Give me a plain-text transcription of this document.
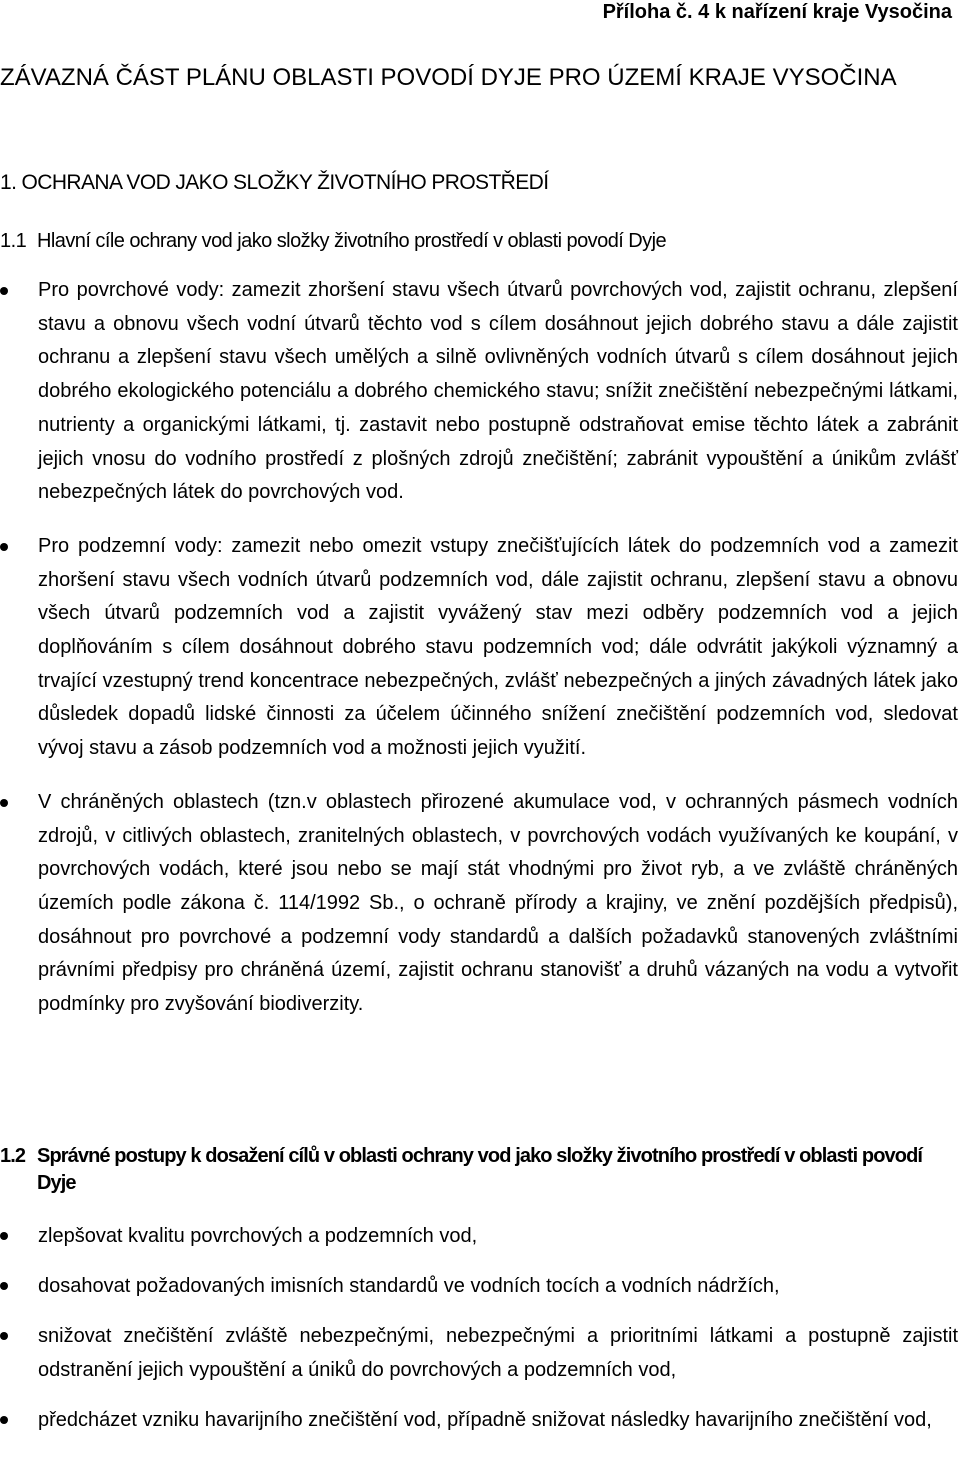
Příloha č. 4 k nařízení kraje Vysočina
ZÁVAZNÁ ČÁST PLÁNU OBLASTI POVODÍ DYJE PRO ÚZEMÍ KRAJE VYSOČINA
1. OCHRANA VOD JAKO SLOŽKY ŽIVOTNÍHO PROSTŘEDÍ
1.1 Hlavní cíle ochrany vod jako složky životního prostředí v oblasti povodí Dyje
Pro povrchové vody: zamezit zhoršení stavu všech útvarů povrchových vod, zajistit ochranu, zlepšení stavu a obnovu všech vodní útvarů těchto vod s cílem dosáhnout jejich dobrého stavu a dále zajistit ochranu a zlepšení stavu všech umělých a silně ovlivněných vodních útvarů s cílem dosáhnout jejich dobrého ekologického potenciálu a dobrého chemického stavu; snížit znečištění nebezpečnými látkami, nutrienty a organickými látkami, tj. zastavit nebo postupně odstraňovat emise těchto látek a zabránit jejich vnosu do vodního prostředí z plošných zdrojů znečištění; zabránit vypouštění a únikům zvlášť nebezpečných látek do povrchových vod.
Pro podzemní vody: zamezit nebo omezit vstupy znečišťujících látek do podzemních vod a zamezit zhoršení stavu všech vodních útvarů podzemních vod, dále zajistit ochranu, zlepšení stavu a obnovu všech útvarů podzemních vod a zajistit vyvážený stav mezi odběry podzemních vod a jejich doplňováním s cílem dosáhnout dobrého stavu podzemních vod; dále odvrátit jakýkoli významný a trvající vzestupný trend koncentrace nebezpečných, zvlášť nebezpečných a jiných závadných látek jako důsledek dopadů lidské činnosti za účelem účinného snížení znečištění podzemních vod, sledovat vývoj stavu a zásob podzemních vod a možnosti jejich využití.
V chráněných oblastech (tzn.v oblastech přirozené akumulace vod, v ochranných pásmech vodních zdrojů, v citlivých oblastech, zranitelných oblastech, v povrchových vodách využívaných ke koupání, v povrchových vodách, které jsou nebo se mají stát vhodnými pro život ryb, a ve zvláště chráněných územích podle zákona č. 114/1992 Sb., o ochraně přírody a krajiny, ve znění pozdějších předpisů), dosáhnout pro povrchové a podzemní vody standardů a dalších požadavků stanovených zvláštními právními předpisy pro chráněná území, zajistit ochranu stanovišť a druhů vázaných na vodu a vytvořit podmínky pro zvyšování biodiverzity.
1.2 Správné postupy k dosažení cílů v oblasti ochrany vod jako složky životního prostředí v oblasti povodí Dyje
zlepšovat kvalitu povrchových a podzemních vod,
dosahovat požadovaných imisních standardů ve vodních tocích a vodních nádržích,
snižovat znečištění zvláště nebezpečnými, nebezpečnými a prioritními látkami a postupně zajistit odstranění jejich vypouštění a úniků do povrchových a podzemních vod,
předcházet vzniku havarijního znečištění vod, případně snižovat následky havarijního znečištění vod,
